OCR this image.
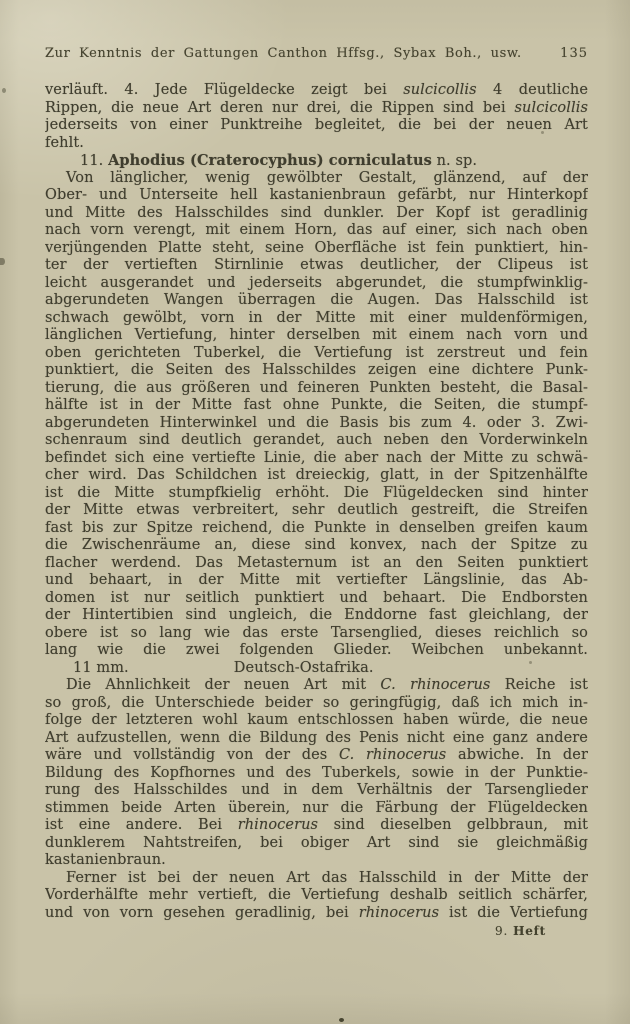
Zur Kenntnis der Gattungen Canthon Hffsg., Sybax Boh., usw.	135
verläuft. 4. Jede Flügeldecke zeigt bei sulcicollis 4 deutliche
Rippen, die neue Art deren nur drei, die Rippen sind bei sulcicollis
jederseits von einer Punktreihe begleitet, die bei der neuen Art
fehlt.
11. Aphodius (Craterocyphus) corniculatus n. sp.
Von länglicher, wenig gewölbter Gestalt, glänzend, auf der
Ober- und Unterseite hell kastanienbraun gefärbt, nur Hinterkopf
und Mitte des Halsschildes sind dunkler. Der Kopf ist geradlinig
nach vorn verengt, mit einem Horn, das auf einer, sich nach oben
verjüngenden Platte steht, seine Oberfläche ist fein punktiert, hin-
ter der vertieften Stirnlinie etwas deutlicher, der Clipeus ist
leicht ausgerandet und jederseits abgerundet, die stumpfwinklig-
abgerundeten Wangen überragen die Augen. Das Halsschild ist
schwach gewölbt, vorn in der Mitte mit einer muldenförmigen,
länglichen Vertiefung, hinter derselben mit einem nach vorn und
oben gerichteten Tuberkel, die Vertiefung ist zerstreut und fein
punktiert, die Seiten des Halsschildes zeigen eine dichtere Punk-
tierung, die aus größeren und feineren Punkten besteht, die Basal-
hälfte ist in der Mitte fast ohne Punkte, die Seiten, die stumpf-
abgerundeten Hinterwinkel und die Basis bis zum 4. oder 3. Zwi-
schenraum sind deutlich gerandet, auch neben den Vorderwinkeln
befindet sich eine vertiefte Linie, die aber nach der Mitte zu schwä-
cher wird. Das Schildchen ist dreieckig, glatt, in der Spitzenhälfte
ist die Mitte stumpfkielig erhöht. Die Flügeldecken sind hinter
der Mitte etwas verbreitert, sehr deutlich gestreift, die Streifen
fast bis zur Spitze reichend, die Punkte in denselben greifen kaum
die Zwischenräume an, diese sind konvex, nach der Spitze zu
flacher werdend. Das Metasternum ist an den Seiten punktiert
und behaart, in der Mitte mit vertiefter Längslinie, das Ab-
domen ist nur seitlich punktiert und behaart. Die Endborsten
der Hintertibien sind ungleich, die Enddorne fast gleichlang, der
obere ist so lang wie das erste Tarsenglied, dieses reichlich so
lang wie die zwei folgenden Glieder. Weibchen unbekannt.
11 mm.	Deutsch-Ostafrika.
Die Ähnlichkeit der neuen Art mit C. rhinocerus Reiche ist
so groß, die Unterschiede beider so geringfügig, daß ich mich in-
folge der letzteren wohl kaum entschlossen haben würde, die neue
Art aufzustellen, wenn die Bildung des Penis nicht eine ganz andere
wäre und vollständig von der des C. rhinocerus abwiche. In der
Bildung des Kopfhornes und des Tuberkels, sowie in der Punktie-
rung des Halsschildes und in dem Verhältnis der Tarsenglieder
stimmen beide Arten überein, nur die Färbung der Flügeldecken
ist eine andere. Bei rhinocerus sind dieselben gelbbraun, mit
dunklerem Nahtstreifen, bei obiger Art sind sie gleichmäßig
kastanienbraun.
Ferner ist bei der neuen Art das Halsschild in der Mitte der
Vorderhälfte mehr vertieft, die Vertiefung deshalb seitlich schärfer,
und von vorn gesehen geradlinig, bei rhinocerus ist die Vertiefung
9. Heft
